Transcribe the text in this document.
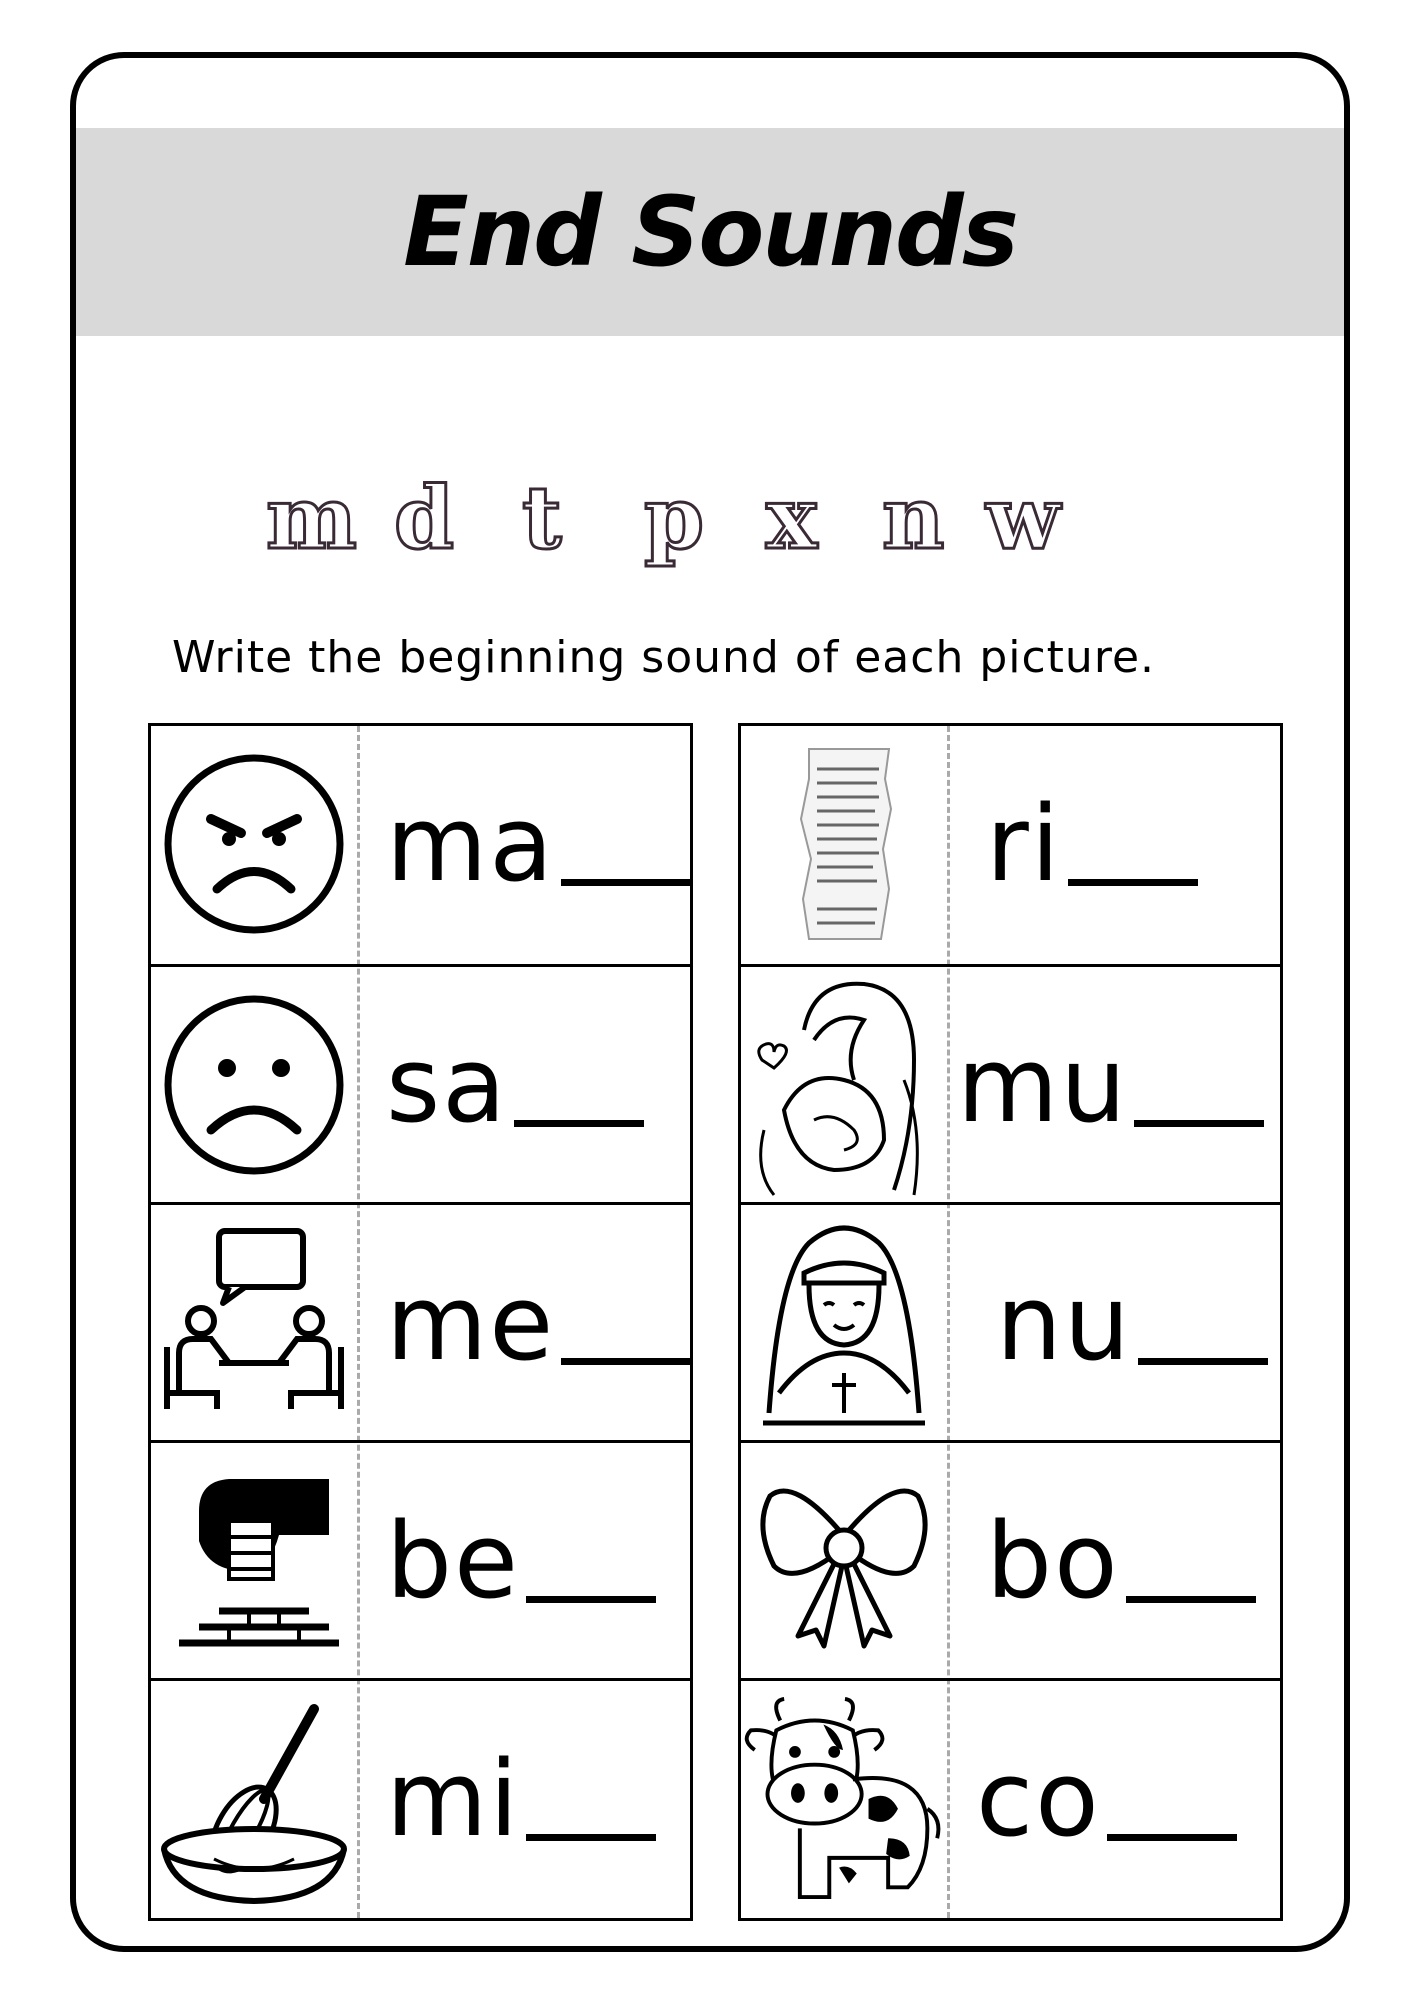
End Sounds
m d t p x n w
Write the beginning sound of each picture.
ma
sa
me
be
mi
ri
mu
nu
bo
co
